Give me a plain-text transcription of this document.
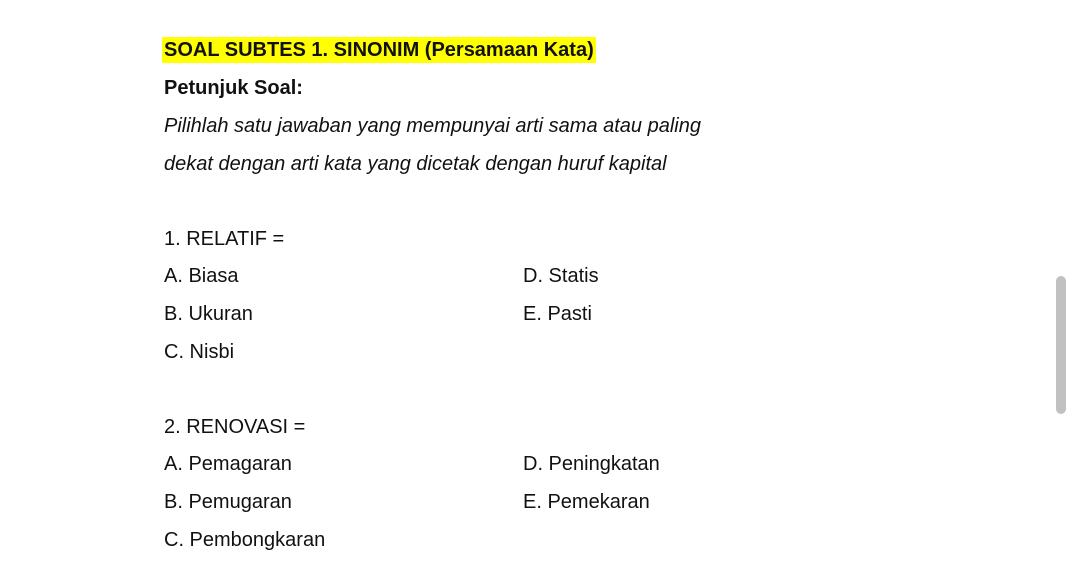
SOAL SUBTES 1. SINONIM (Persamaan Kata)
Petunjuk Soal:
Pilihlah satu jawaban yang mempunyai arti sama atau paling
dekat dengan arti kata yang dicetak dengan huruf kapital
1. RELATIF =
A. Biasa	D. Statis
B. Ukuran	E. Pasti
C. Nisbi
2. RENOVASI =
A. Pemagaran	D. Peningkatan
B. Pemugaran	E. Pemekaran
C. Pembongkaran
